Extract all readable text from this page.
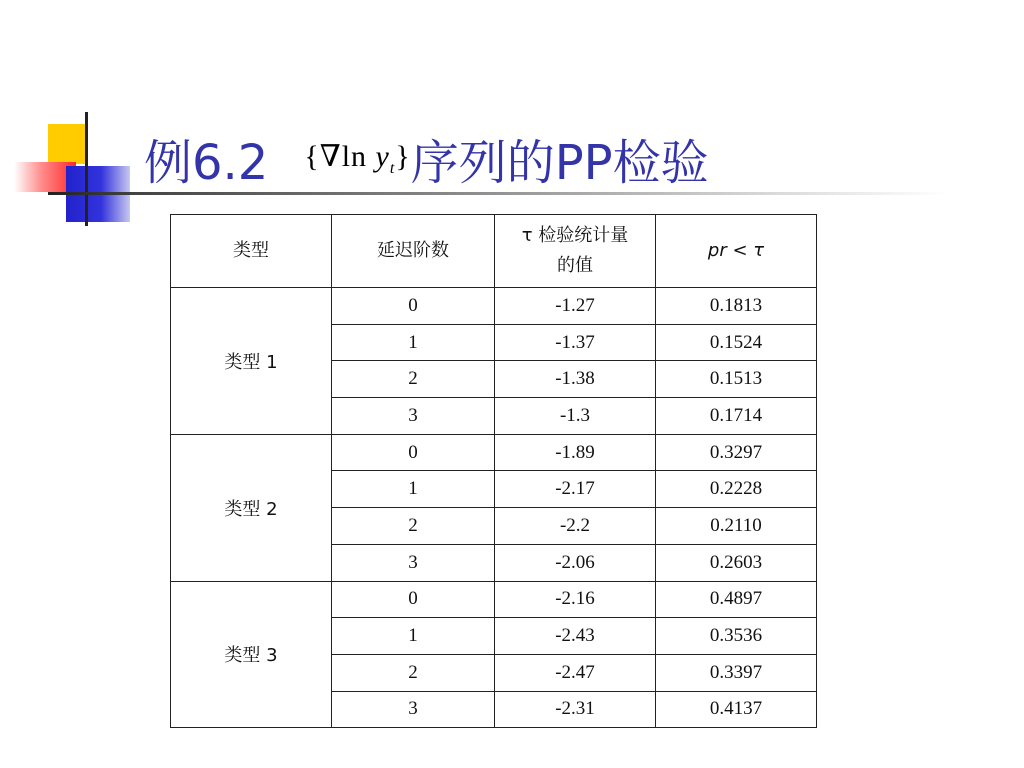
例6.2 {∇ln $y_t$} 序列的PP检验
类型	延迟阶数	τ 检验统计量的值	pr < τ
类型 1	0	-1.27	0.1813
	1	-1.37	0.1524
	2	-1.38	0.1513
	3	-1.3	0.1714
类型 2	0	-1.89	0.3297
	1	-2.17	0.2228
	2	-2.2	0.2110
	3	-2.06	0.2603
类型 3	0	-2.16	0.4897
	1	-2.43	0.3536
	2	-2.47	0.3397
	3	-2.31	0.4137
